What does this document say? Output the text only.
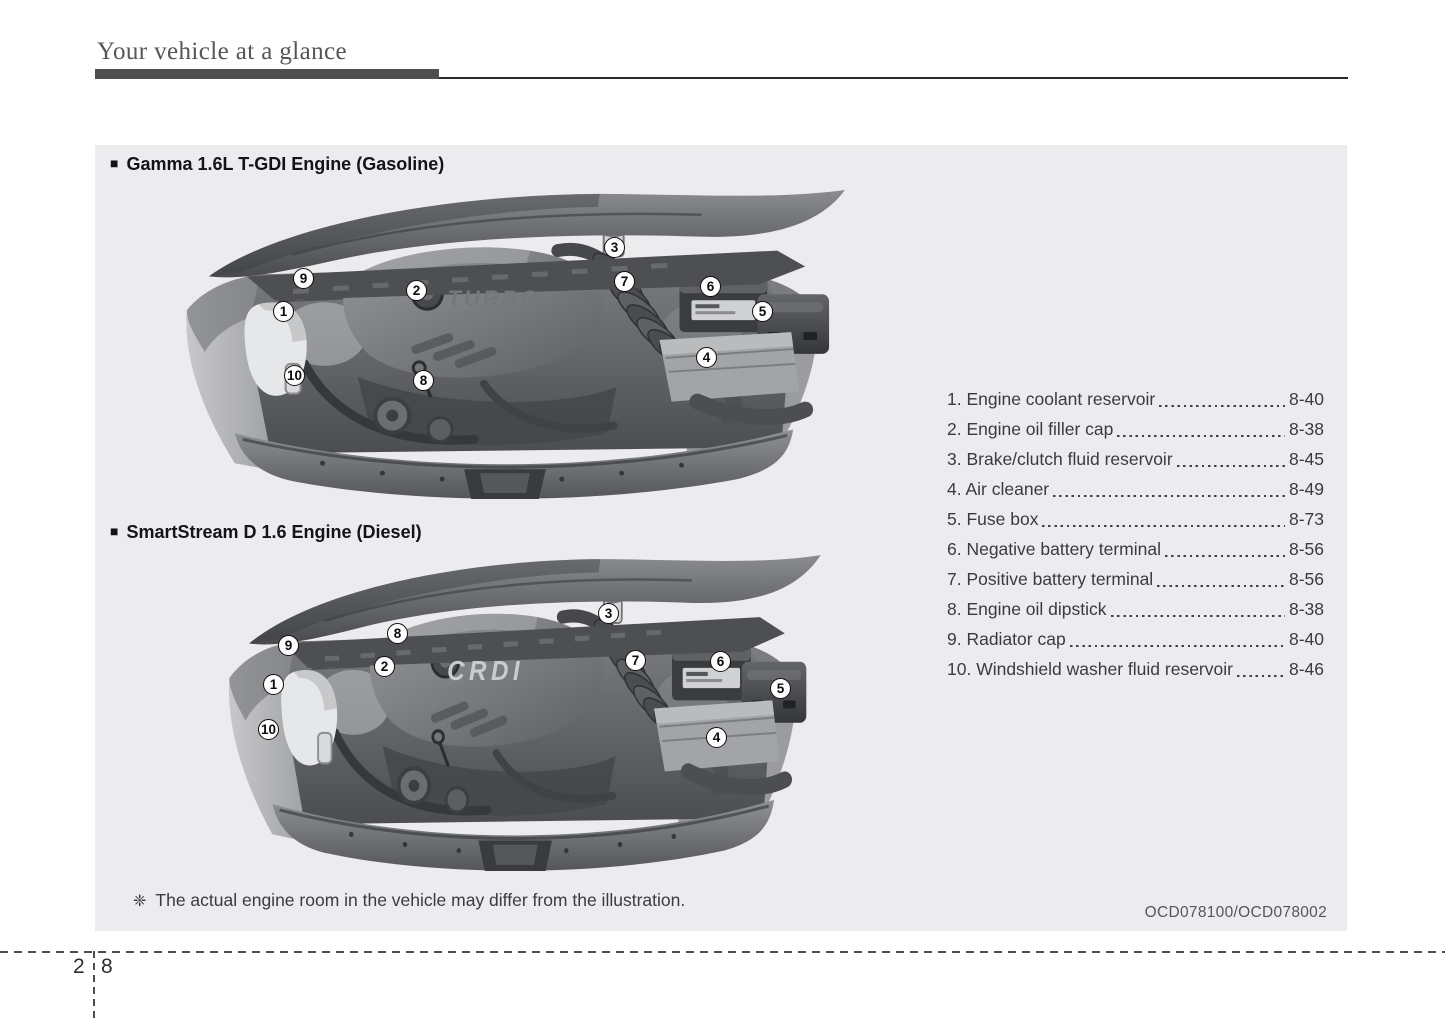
Your vehicle at a glance
■ Gamma 1.6L T-GDI Engine (Gasoline)
TURBO
1
2
3
4
5
6
7
8
9
10
■ SmartStream D 1.6 Engine (Diesel)
CRDI
1
2
3
4
5
6
7
8
9
10
1. Engine coolant reservoir	8-40
2. Engine oil filler cap	8-38
3. Brake/clutch fluid reservoir	8-45
4. Air cleaner	8-49
5. Fuse box	8-73
6. Negative battery terminal	8-56
7. Positive battery terminal	8-56
8. Engine oil dipstick	8-38
9. Radiator cap	8-40
10. Windshield washer fluid reservoir	8-46
❈ The actual engine room in the vehicle may differ from the illustration.
OCD078100/OCD078002
2 8
